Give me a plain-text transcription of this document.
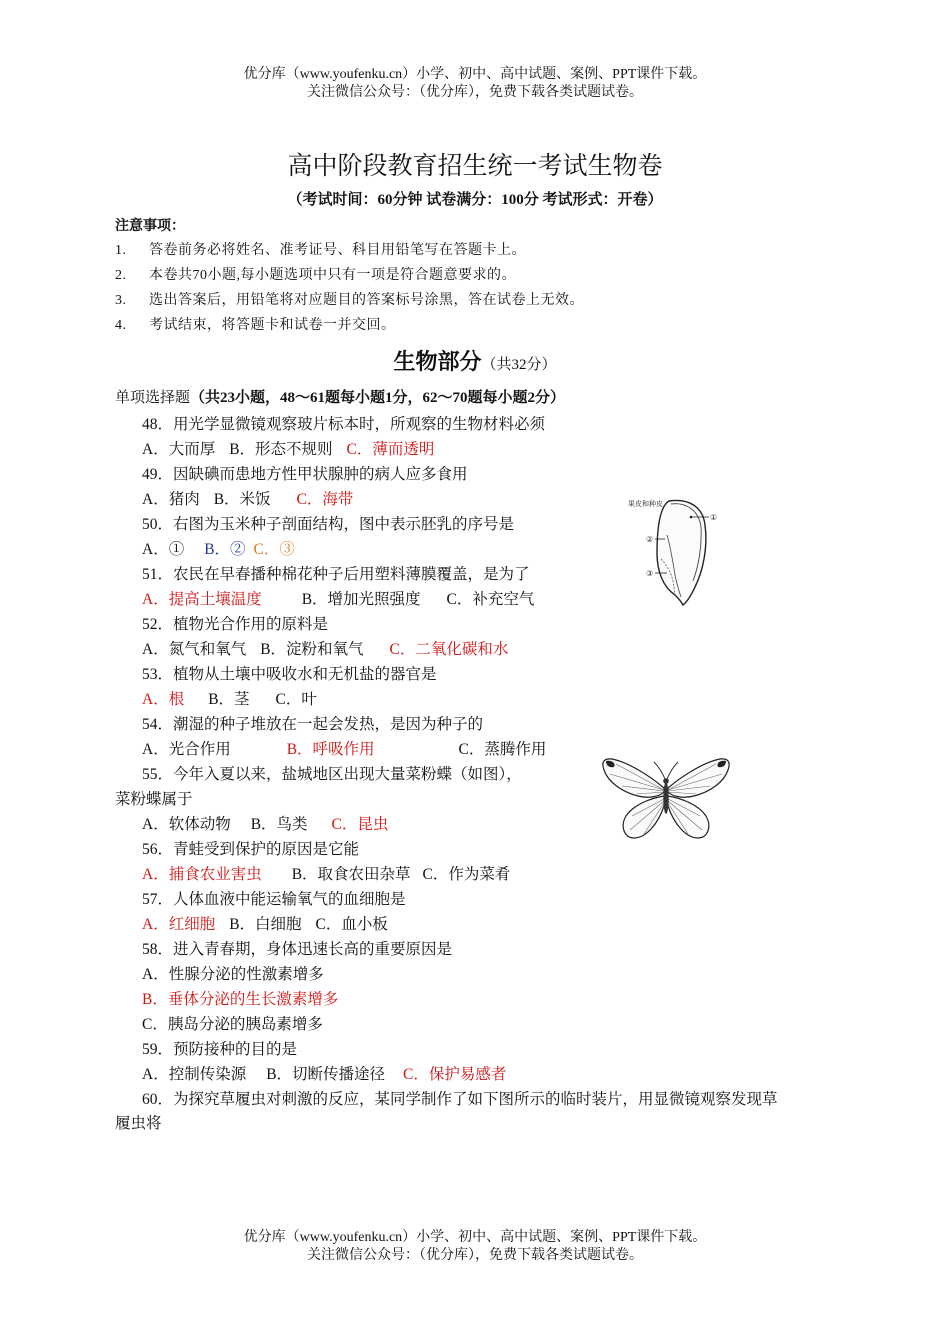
优分库（www.youfenku.cn）小学、初中、高中试题、案例、PPT课件下载。
关注微信公众号：（优分库），免费下载各类试题试卷。
高中阶段教育招生统一考试生物卷
（考试时间：60分钟 试卷满分：100分 考试形式：开卷）
注意事项：
1. 答卷前务必将姓名、准考证号、科目用铅笔写在答题卡上。
2. 本卷共70小题,每小题选项中只有一项是符合题意要求的。
3. 选出答案后，用铅笔将对应题目的答案标号涂黑，答在试卷上无效。
4. 考试结束，将答题卡和试卷一并交回。
生物部分（共32分）
单项选择题（共23小题，48～61题每小题1分，62～70题每小题2分）
48．用光学显微镜观察玻片标本时，所观察的生物材料必须
A．大而厚 B．形态不规则 C．薄而透明
49．因缺碘而患地方性甲状腺肿的病人应多食用
A．猪肉 B．米饭 C．海带
50．右图为玉米种子剖面结构，图中表示胚乳的序号是
A．① B．② C．③
51．农民在早春播种棉花种子后用塑料薄膜覆盖，是为了
A．提高土壤温度	B．增加光照强度 C．补充空气
52．植物光合作用的原料是
A．氮气和氧气 B．淀粉和氧气 C．二氧化碳和水
53．植物从土壤中吸收水和无机盐的器官是
A．根 B．茎 C．叶
54．潮湿的种子堆放在一起会发热，是因为种子的
A．光合作用	B．呼吸作用	C．蒸腾作用
55．今年入夏以来，盐城地区出现大量菜粉蝶（如图），
菜粉蝶属于
A．软体动物 B．鸟类 C．昆虫
56．青蛙受到保护的原因是它能
A．捕食农业害虫 B．取食农田杂草 C．作为菜肴
57．人体血液中能运输氧气的血细胞是
A．红细胞 B．白细胞 C．血小板
58．进入青春期，身体迅速长高的重要原因是
A．性腺分泌的性激素增多
B．垂体分泌的生长激素增多
C．胰岛分泌的胰岛素增多
59．预防接种的目的是
A．控制传染源 B．切断传播途径 C．保护易感者
60．为探究草履虫对刺激的反应，某同学制作了如下图所示的临时装片，用显微镜观察发现草
履虫将
果皮和种皮
①
②
③
优分库（www.youfenku.cn）小学、初中、高中试题、案例、PPT课件下载。
关注微信公众号：（优分库），免费下载各类试题试卷。
